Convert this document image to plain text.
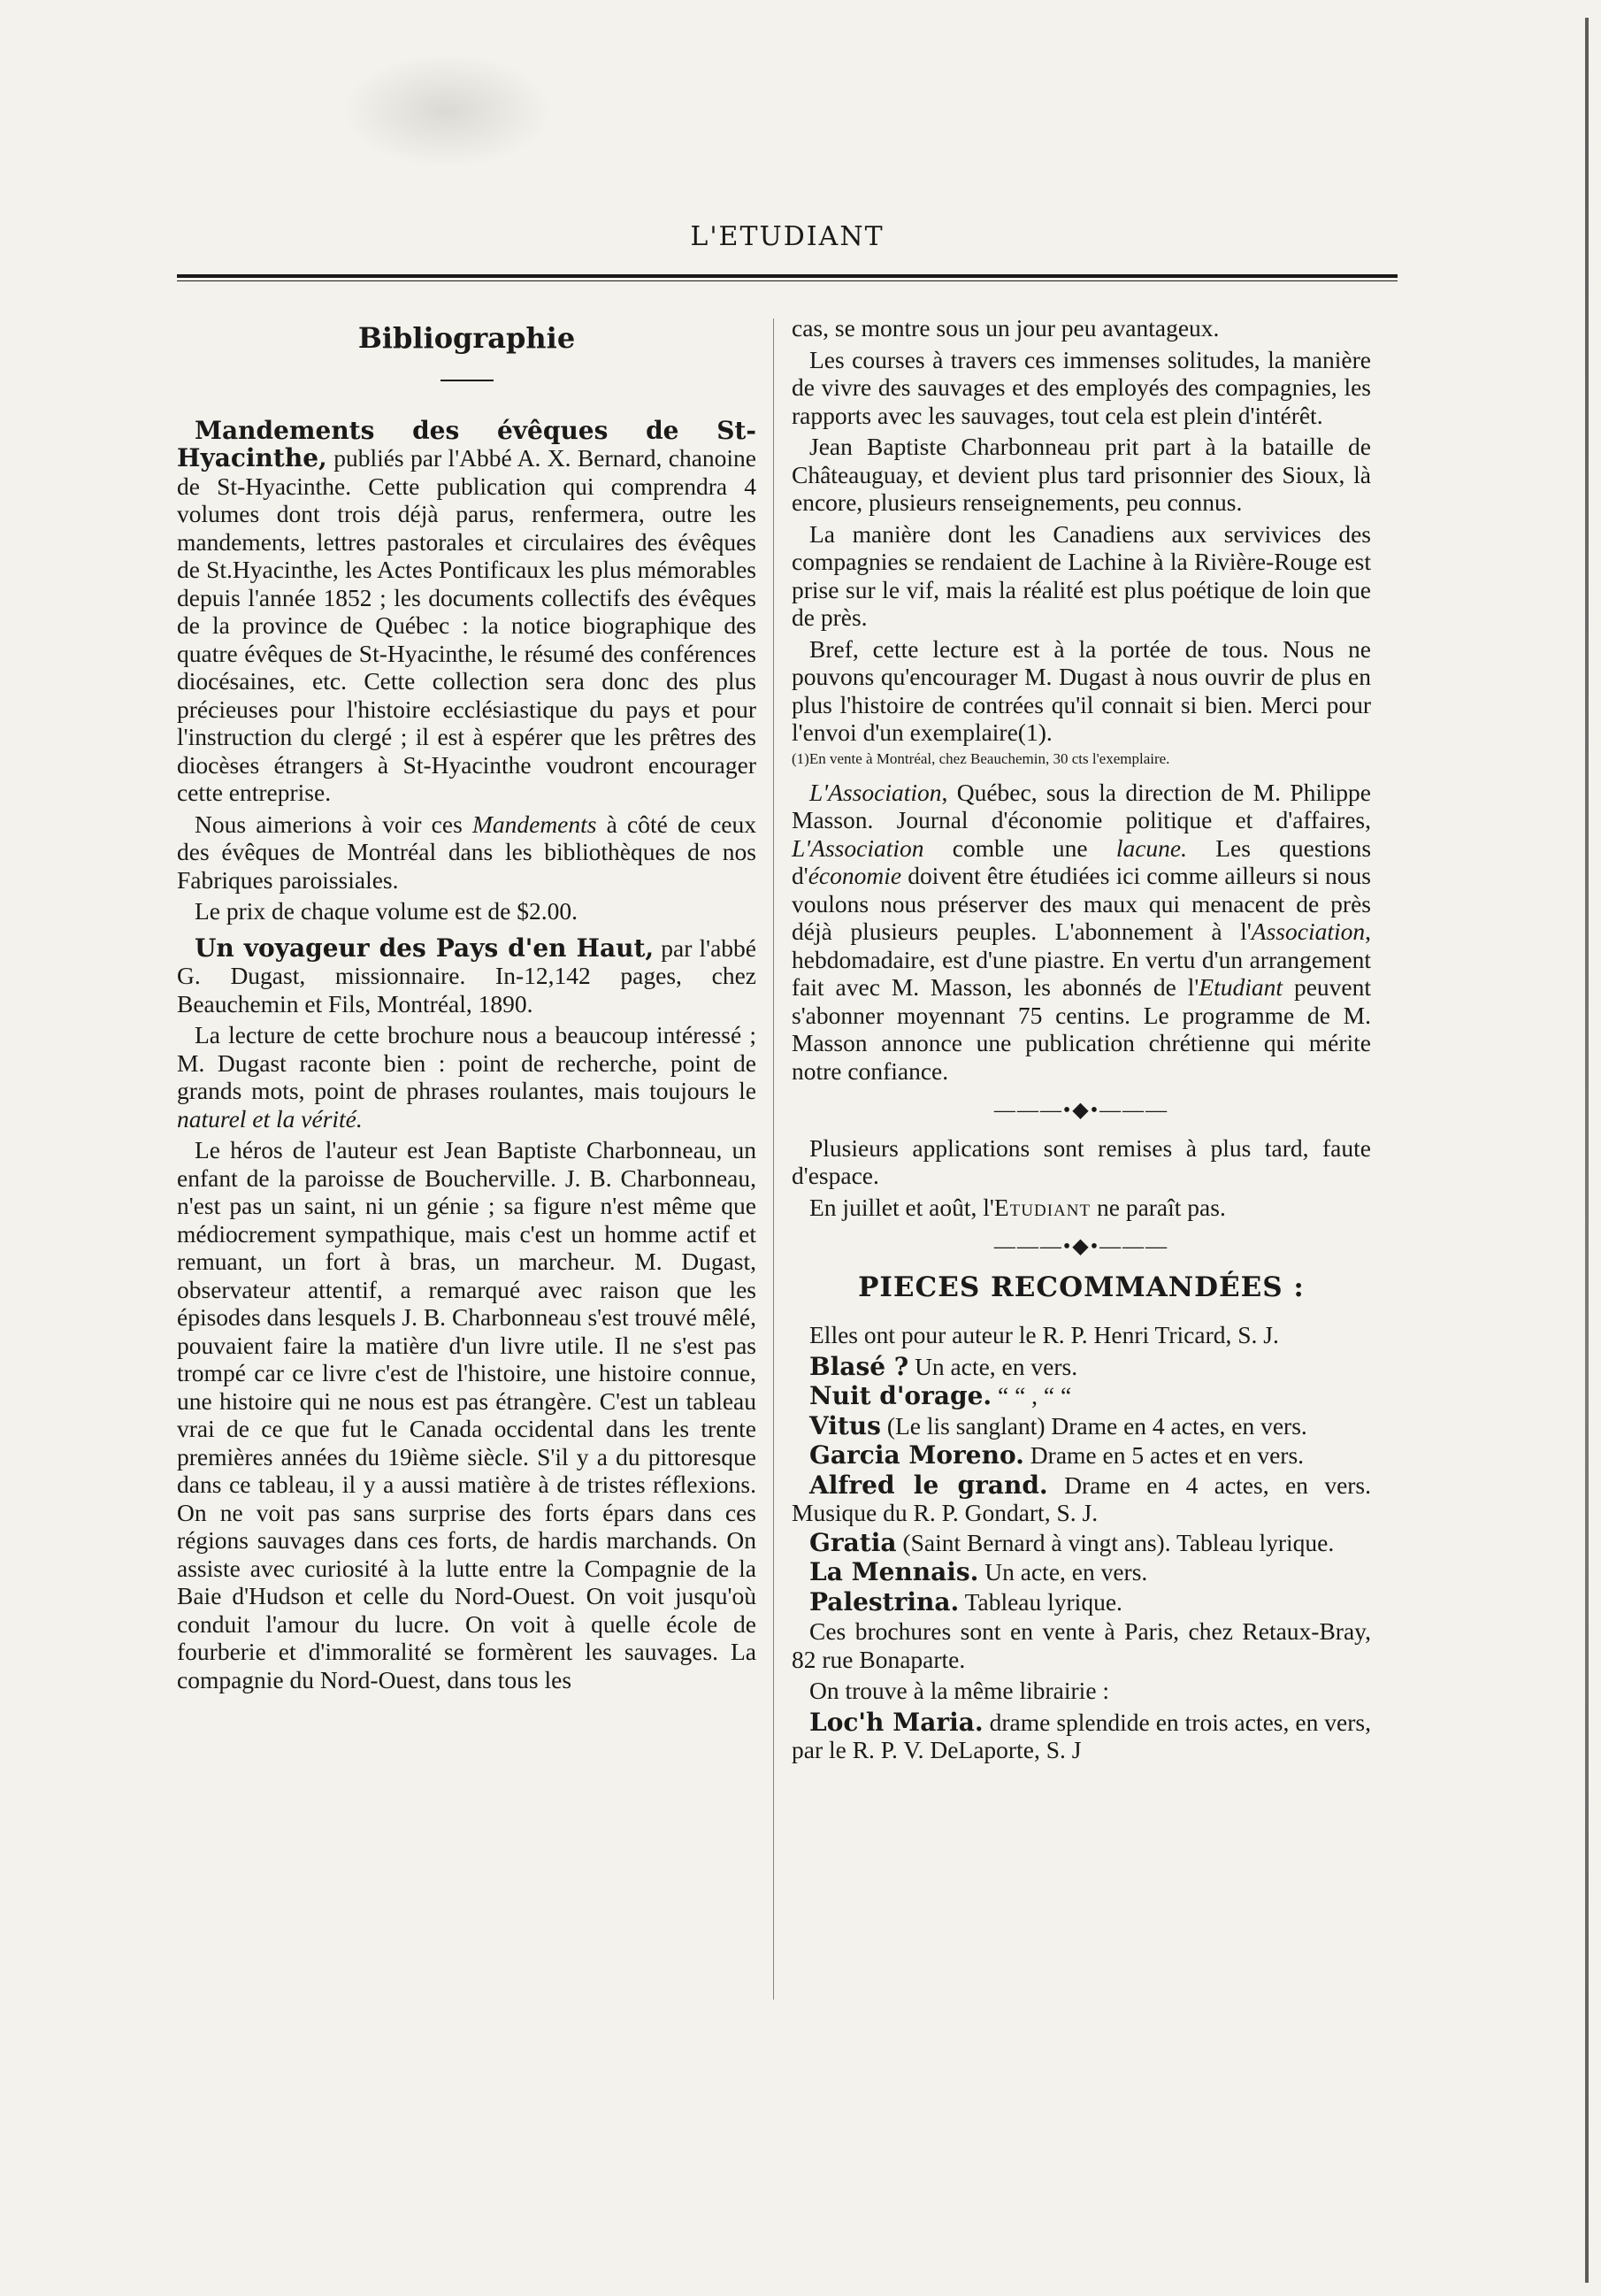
L'ETUDIANT
Bibliographie

Mandements des évêques de St-Hyacinthe, publiés par l'Abbé A. X. Bernard, chanoine de St-Hyacinthe. Cette publication qui comprendra 4 volumes dont trois déjà parus, renfermera, outre les mandements, lettres pastorales et circulaires des évêques de St.Hyacinthe, les Actes Pontificaux les plus mémorables depuis l'année 1852 ; les documents collectifs des évêques de la province de Québec : la notice biographique des quatre évêques de St-Hyacinthe, le résumé des conférences diocésaines, etc. Cette collection sera donc des plus précieuses pour l'histoire ecclésiastique du pays et pour l'instruction du clergé ; il est à espérer que les prêtres des diocèses étrangers à St-Hyacinthe voudront encourager cette entreprise.

Nous aimerions à voir ces Mandements à côté de ceux des évêques de Montréal dans les bibliothèques de nos Fabriques paroissiales.

Le prix de chaque volume est de $2.00.

Un voyageur des Pays d'en Haut, par l'abbé G. Dugast, missionnaire. In-12,142 pages, chez Beauchemin et Fils, Montréal, 1890.

La lecture de cette brochure nous a beaucoup intéressé ; M. Dugast raconte bien : point de recherche, point de grands mots, point de phrases roulantes, mais toujours le naturel et la vérité.

Le héros de l'auteur est Jean Baptiste Charbonneau, un enfant de la paroisse de Boucherville. J. B. Charbonneau, n'est pas un saint, ni un génie ; sa figure n'est même que médiocrement sympathique, mais c'est un homme actif et remuant, un fort à bras, un marcheur. M. Dugast, observateur attentif, a remarqué avec raison que les épisodes dans lesquels J. B. Charbonneau s'est trouvé mêlé, pouvaient faire la matière d'un livre utile. Il ne s'est pas trompé car ce livre c'est de l'histoire, une histoire connue, une histoire qui ne nous est pas étrangère. C'est un tableau vrai de ce que fut le Canada occidental dans les trente premières années du 19ième siècle. S'il y a du pittoresque dans ce tableau, il y a aussi matière à de tristes réflexions. On ne voit pas sans surprise des forts épars dans ces régions sauvages dans ces forts, de hardis marchands. On assiste avec curiosité à la lutte entre la Compagnie de la Baie d'Hudson et celle du Nord-Ouest. On voit jusqu'où conduit l'amour du lucre. On voit à quelle école de fourberie et d'immoralité se formèrent les sauvages. La compagnie du Nord-Ouest, dans tous les

cas, se montre sous un jour peu avantageux.

Les courses à travers ces immenses solitudes, la manière de vivre des sauvages et des employés des compagnies, les rapports avec les sauvages, tout cela est plein d'intérêt.

Jean Baptiste Charbonneau prit part à la bataille de Châteauguay, et devient plus tard prisonnier des Sioux, là encore, plusieurs renseignements, peu connus.

La manière dont les Canadiens aux servivices des compagnies se rendaient de Lachine à la Rivière-Rouge est prise sur le vif, mais la réalité est plus poétique de loin que de près.

Bref, cette lecture est à la portée de tous. Nous ne pouvons qu'encourager M. Dugast à nous ouvrir de plus en plus l'histoire de contrées qu'il connait si bien. Merci pour l'envoi d'un exemplaire(1).

(1)En vente à Montréal, chez Beauchemin, 30 cts l'exemplaire.

L'Association, Québec, sous la direction de M. Philippe Masson. Journal d'économie politique et d'affaires, L'Association comble une lacune. Les questions d'économie doivent être étudiées ici comme ailleurs si nous voulons nous préserver des maux qui menacent de près déjà plusieurs peuples. L'abonnement à l'Association, hebdomadaire, est d'une piastre. En vertu d'un arrangement fait avec M. Masson, les abonnés de l'Etudiant peuvent s'abonner moyennant 75 centins. Le programme de M. Masson annonce une publication chrétienne qui mérite notre confiance.

———•◆•———

Plusieurs applications sont remises à plus tard, faute d'espace.

En juillet et août, l'Etudiant ne paraît pas.

———•◆•———
PIECES RECOMMANDÉES :

Elles ont pour auteur le R. P. Henri Tricard, S. J.

Blasé ? Un acte, en vers.

Nuit d'orage. “ “ , “ “

Vitus (Le lis sanglant) Drame en 4 actes, en vers.

Garcia Moreno. Drame en 5 actes et en vers.

Alfred le grand. Drame en 4 actes, en vers. Musique du R. P. Gondart, S. J.

Gratia (Saint Bernard à vingt ans). Tableau lyrique.

La Mennais. Un acte, en vers.

Palestrina. Tableau lyrique.

Ces brochures sont en vente à Paris, chez Retaux-Bray, 82 rue Bonaparte.

On trouve à la même librairie :

Loc'h Maria. drame splendide en trois actes, en vers, par le R. P. V. DeLaporte, S. J
